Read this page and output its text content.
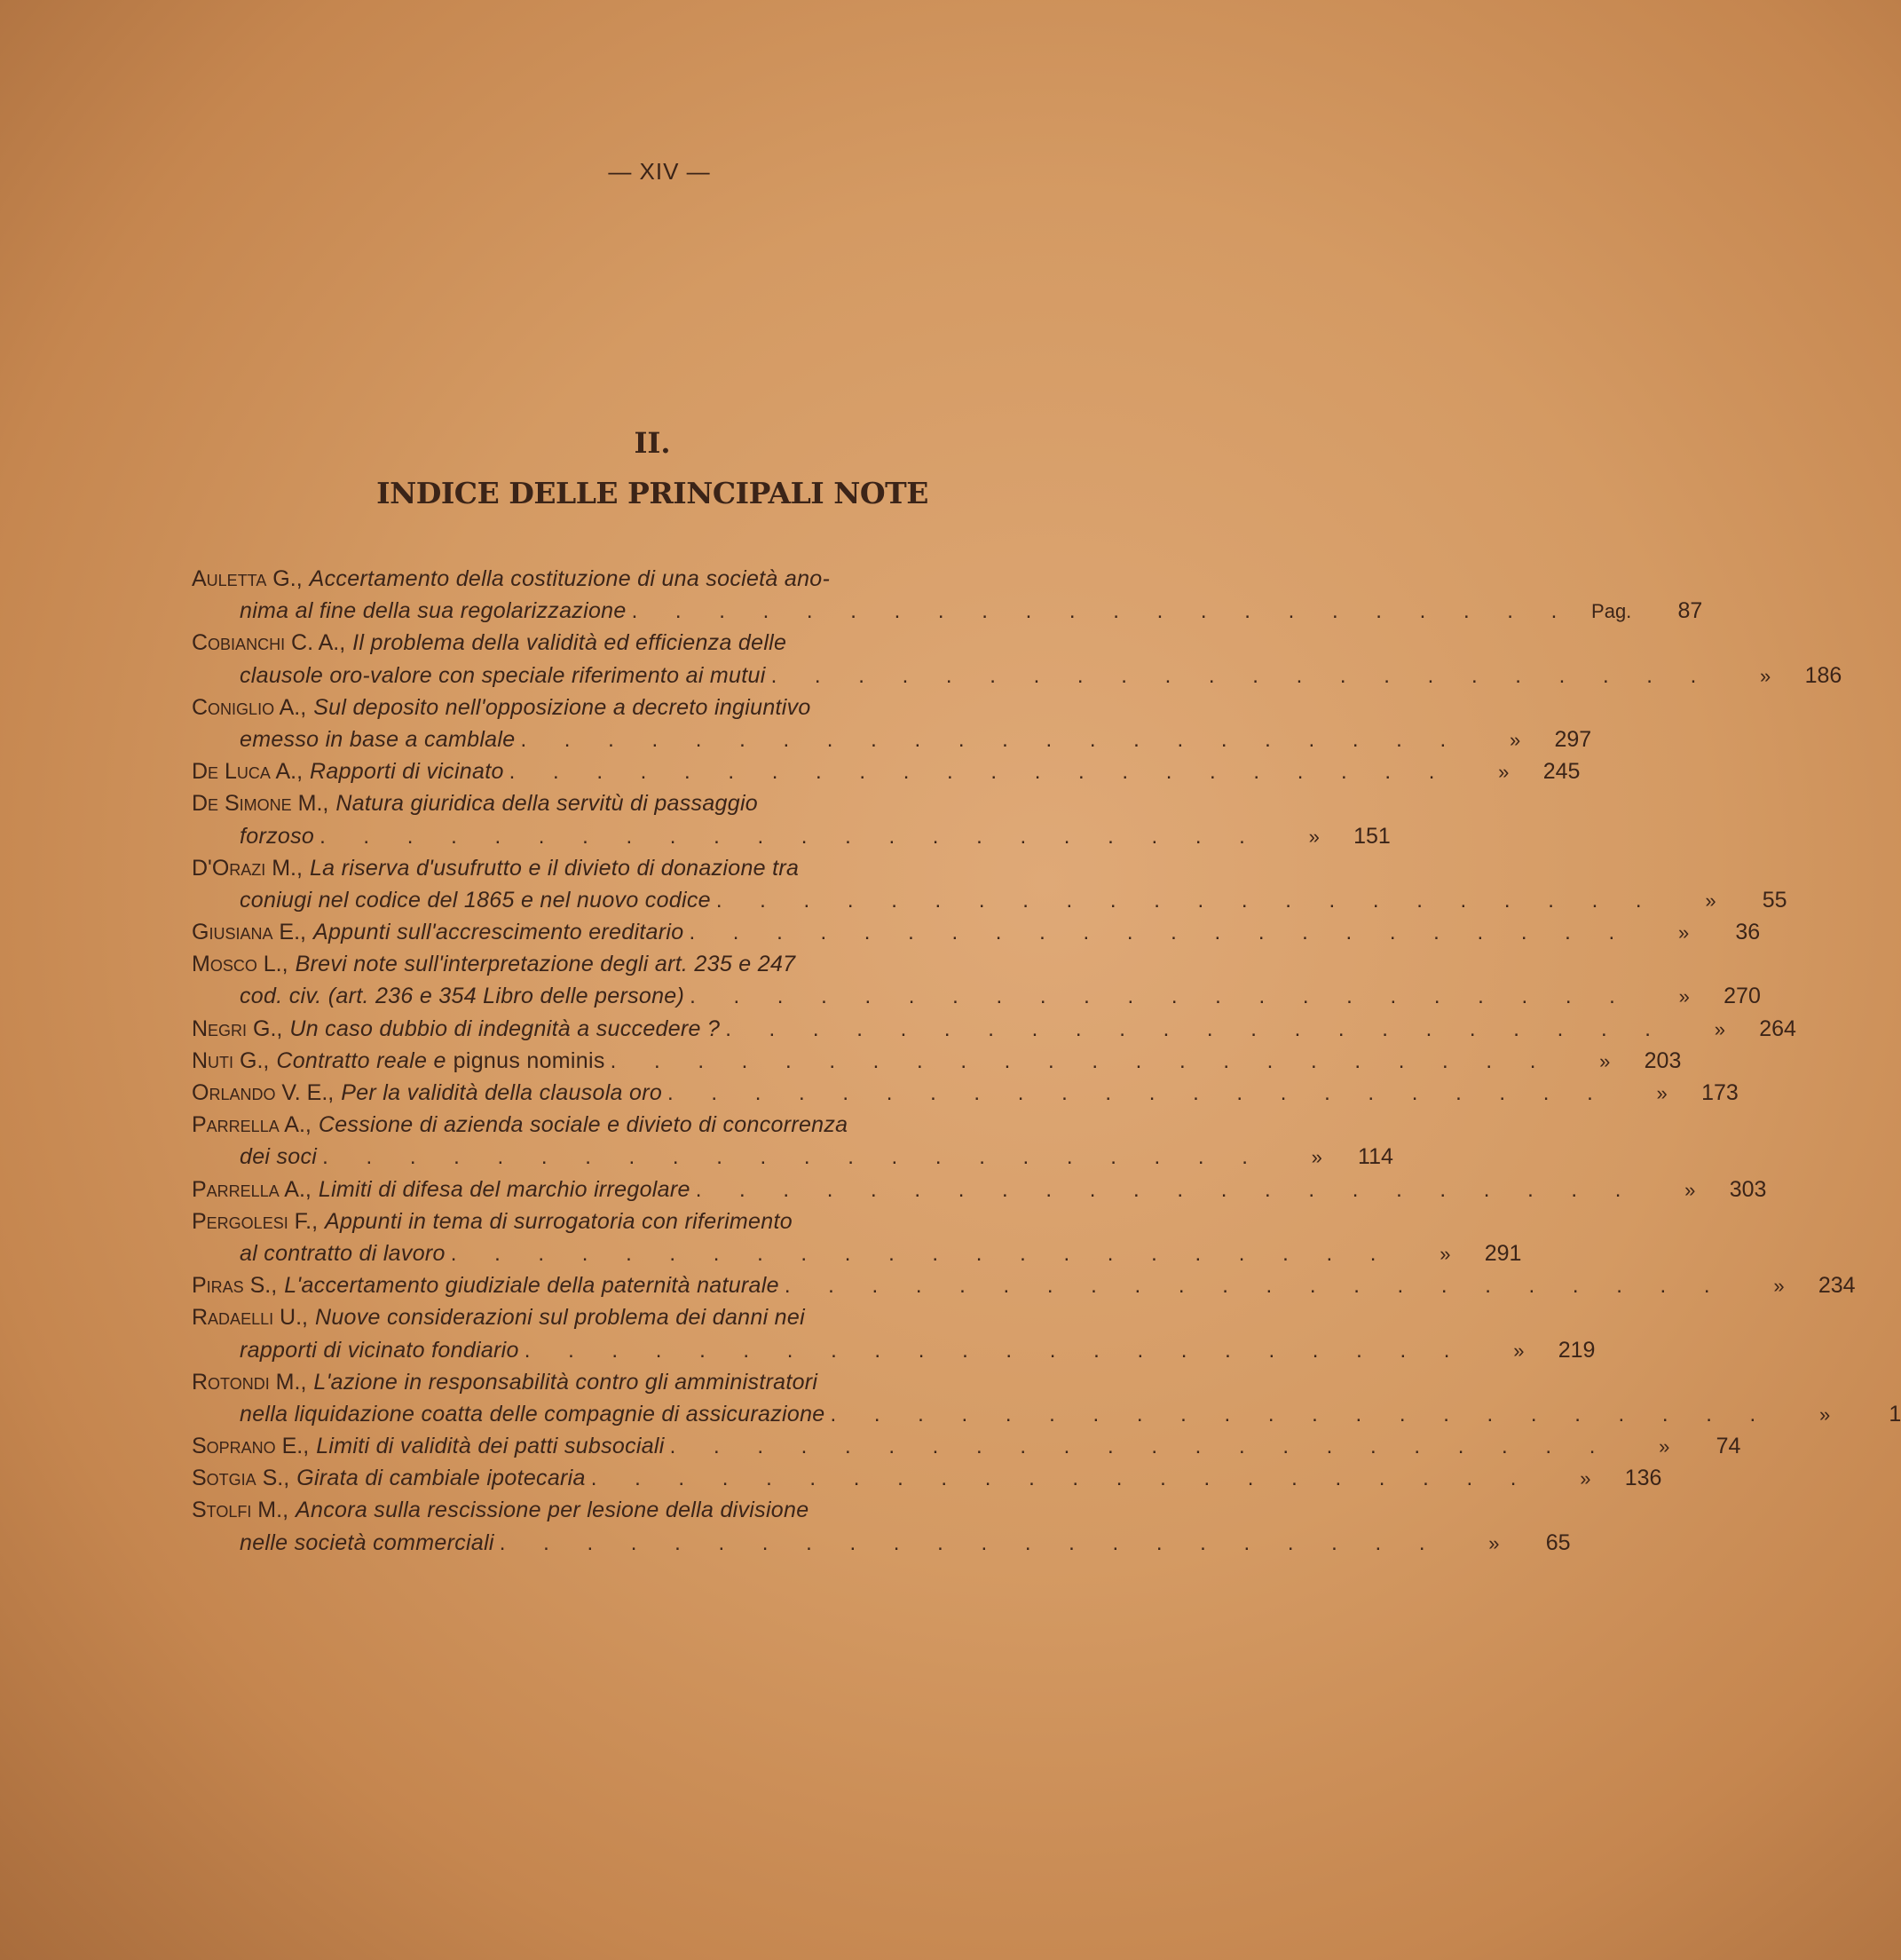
— XIV —
II.
INDICE DELLE PRINCIPALI NOTE
Auletta G., Accertamento della costituzione di una società ano-
nima al fine della sua regolarizzazione . . . . . . . . . . . . . . . . . . . . . . Pag.	87
Cobianchi C. A., Il problema della validità ed efficienza delle
clausole oro-valore con speciale riferimento ai mutui . . . . . . . . . . . . . . . . . . . . . .	»	186
Coniglio A., Sul deposito nell'opposizione a decreto ingiuntivo
emesso in base a camblale . . . . . . . . . . . . . . . . . . . . . .	»	297
De Luca A., Rapporti di vicinato . . . . . . . . . . . . . . . . . . . . . .	»	245
De Simone M., Natura giuridica della servitù di passaggio
forzoso . . . . . . . . . . . . . . . . . . . . . .	»	151
D'Orazi M., La riserva d'usufrutto e il divieto di donazione tra
coniugi nel codice del 1865 e nel nuovo codice . . . . . . . . . . . . . . . . . . . . . .	»	55
Giusiana E., Appunti sull'accrescimento ereditario . . . . . . . . . . . . . . . . . . . . . .	»	36
Mosco L., Brevi note sull'interpretazione degli art. 235 e 247
cod. civ. (art. 236 e 354 Libro delle persone) . . . . . . . . . . . . . . . . . . . . . .	»	270
Negri G., Un caso dubbio di indegnità a succedere ? . . . . . . . . . . . . . . . . . . . . . .	»	264
Nuti G., Contratto reale e pignus nominis . . . . . . . . . . . . . . . . . . . . . .	»	203
Orlando V. E., Per la validità della clausola oro . . . . . . . . . . . . . . . . . . . . . .	»	173
Parrella A., Cessione di azienda sociale e divieto di concorrenza
dei soci . . . . . . . . . . . . . . . . . . . . . .	»	114
Parrella A., Limiti di difesa del marchio irregolare . . . . . . . . . . . . . . . . . . . . . .	»	303
Pergolesi F., Appunti in tema di surrogatoria con riferimento
al contratto di lavoro . . . . . . . . . . . . . . . . . . . . . .	»	291
Piras S., L'accertamento giudiziale della paternità naturale . . . . . . . . . . . . . . . . . . . . . .	»	234
Radaelli U., Nuove considerazioni sul problema dei danni nei
rapporti di vicinato fondiario . . . . . . . . . . . . . . . . . . . . . .	»	219
Rotondi M., L'azione in responsabilità contro gli amministratori
nella liquidazione coatta delle compagnie di assicurazione . . . . . . . . . . . . . . . . . . . . . .	»	1
Soprano E., Limiti di validità dei patti subsociali . . . . . . . . . . . . . . . . . . . . . .	»	74
Sotgia S., Girata di cambiale ipotecaria . . . . . . . . . . . . . . . . . . . . . .	»	136
Stolfi M., Ancora sulla rescissione per lesione della divisione
nelle società commerciali . . . . . . . . . . . . . . . . . . . . . .	»	65
